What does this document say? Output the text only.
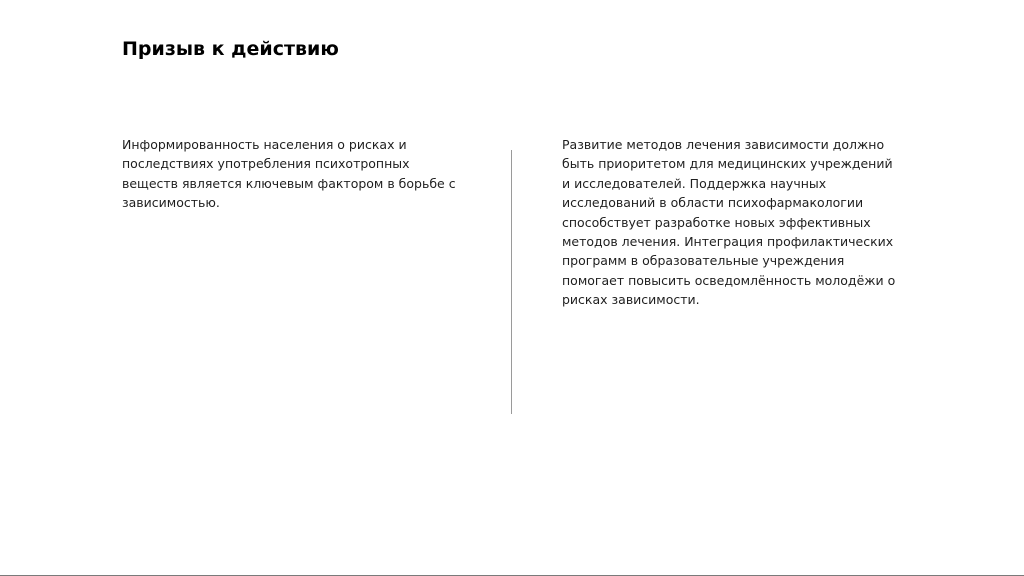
Призыв к действию

Информированность населения о рисках и последствиях употребления психотропных веществ является ключевым фактором в борьбе с зависимостью.

Развитие методов лечения зависимости должно быть приоритетом для медицинских учреждений и исследователей. Поддержка научных исследований в области психофармакологии способствует разработке новых эффективных методов лечения. Интеграция профилактических программ в образовательные учреждения помогает повысить осведомлённость молодёжи о рисках зависимости.
